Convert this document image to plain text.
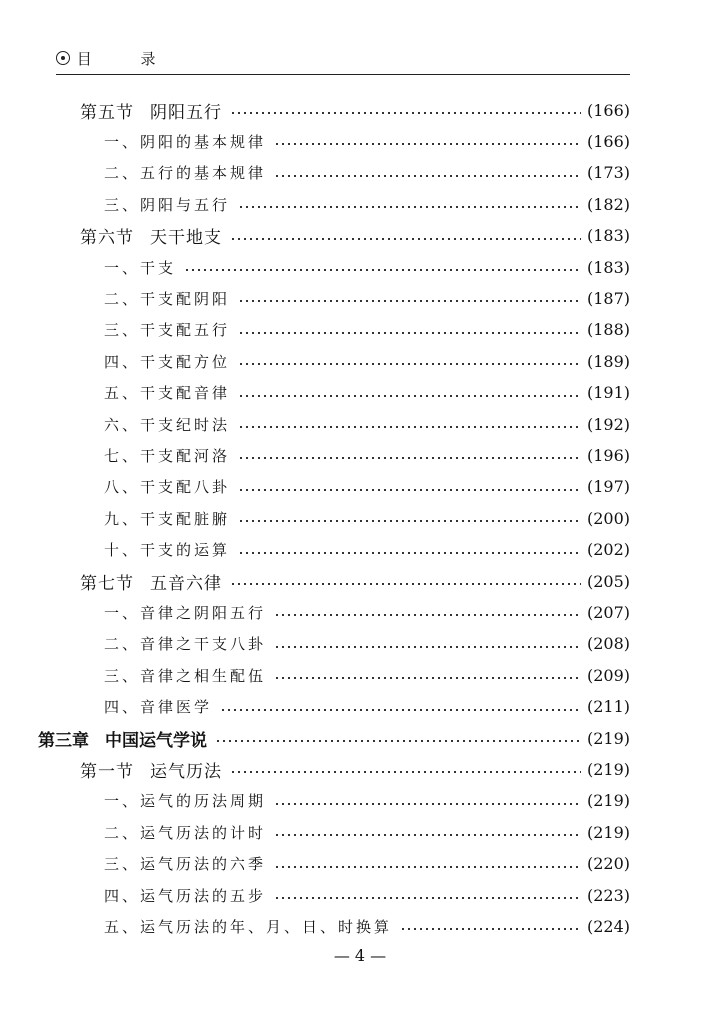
目 录
第五节 阴阳五行	(166)
一、阴阳的基本规律	(166)
二、五行的基本规律	(173)
三、阴阳与五行	(182)
第六节 天干地支	(183)
一、干支	(183)
二、干支配阴阳	(187)
三、干支配五行	(188)
四、干支配方位	(189)
五、干支配音律	(191)
六、干支纪时法	(192)
七、干支配河洛	(196)
八、干支配八卦	(197)
九、干支配脏腑	(200)
十、干支的运算	(202)
第七节 五音六律	(205)
一、音律之阴阳五行	(207)
二、音律之干支八卦	(208)
三、音律之相生配伍	(209)
四、音律医学	(211)
第三章 中国运气学说	(219)
第一节 运气历法	(219)
一、运气的历法周期	(219)
二、运气历法的计时	(219)
三、运气历法的六季	(220)
四、运气历法的五步	(223)
五、运气历法的年、月、日、时换算	(224)
— 4 —
